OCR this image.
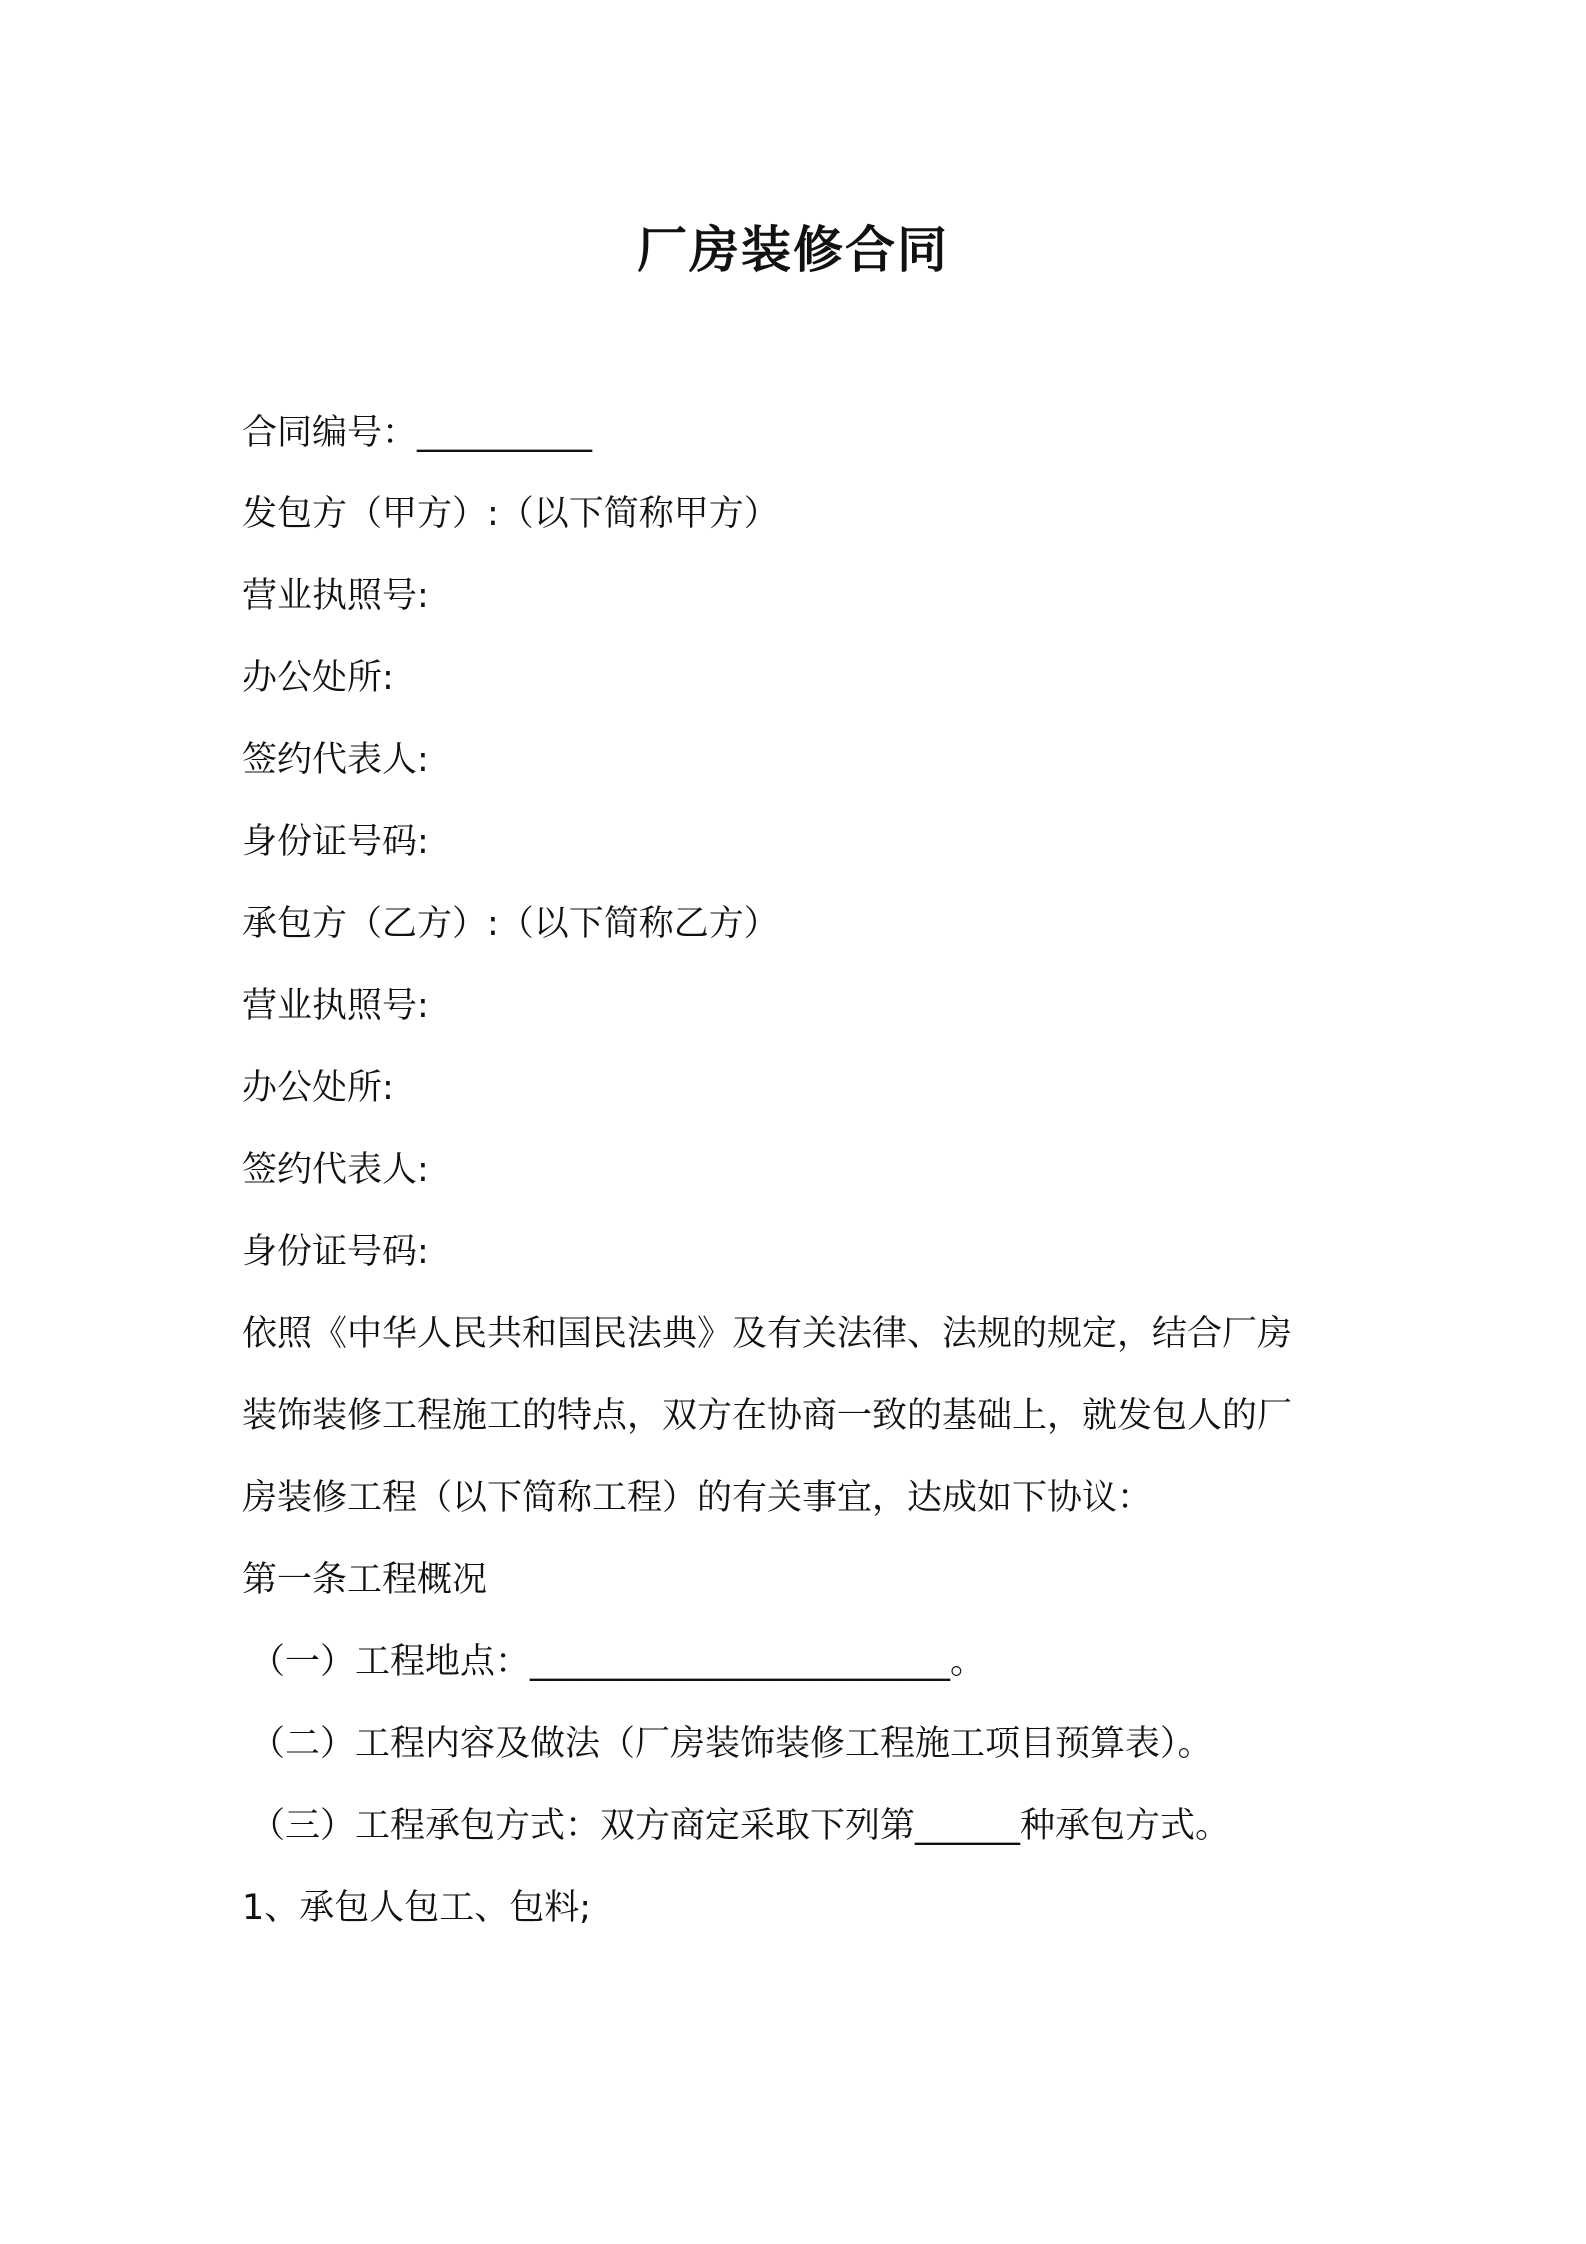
厂房装修合同
合同编号：__________
发包方（甲方）:（以下简称甲方）
营业执照号:
办公处所:
签约代表人:
身份证号码:
承包方（乙方）:（以下简称乙方）
营业执照号:
办公处所:
签约代表人:
身份证号码:
依照《中华人民共和国民法典》及有关法律、法规的规定，结合厂房
装饰装修工程施工的特点，双方在协商一致的基础上，就发包人的厂
房装修工程（以下简称工程）的有关事宜，达成如下协议：
第一条工程概况
（一）工程地点：________________________。
（二）工程内容及做法（厂房装饰装修工程施工项目预算表）。
（三）工程承包方式：双方商定采取下列第______种承包方式。
1、承包人包工、包料;
